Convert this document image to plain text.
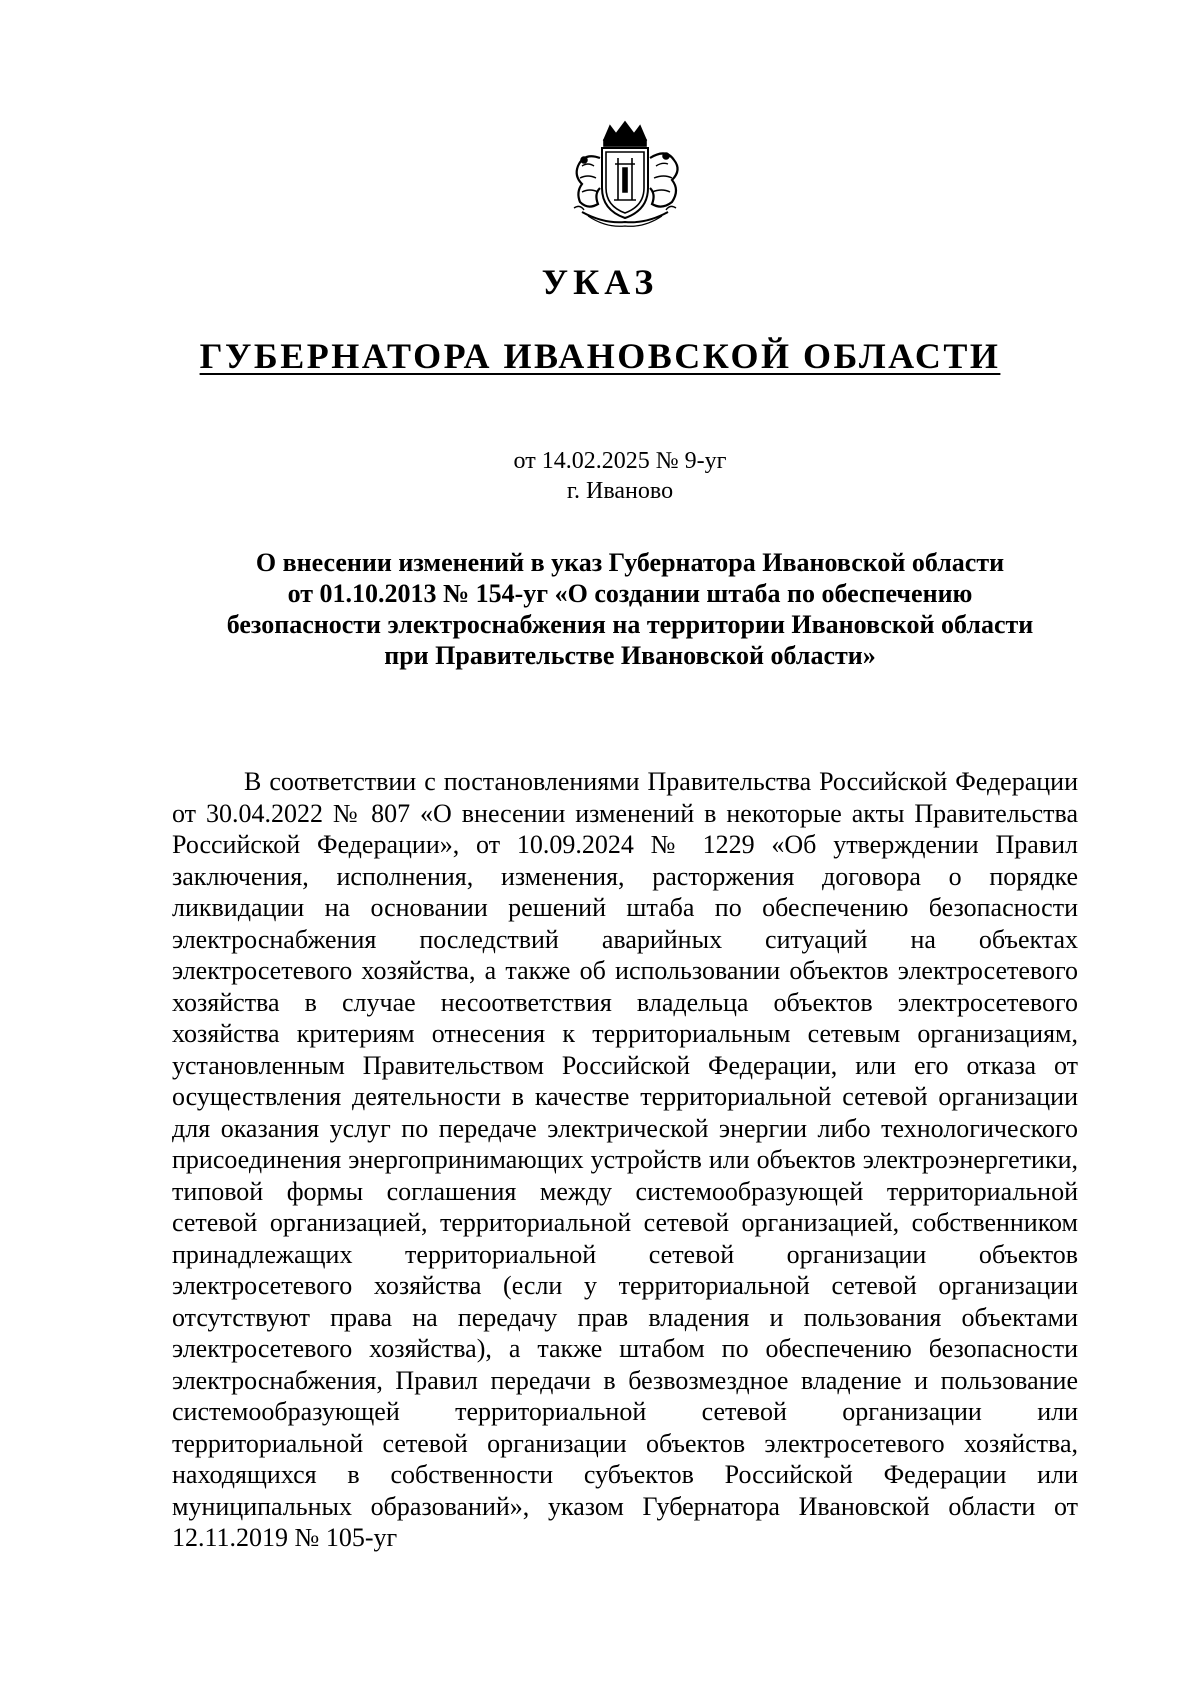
УКАЗ
ГУБЕРНАТОРА ИВАНОВСКОЙ ОБЛАСТИ
от 14.02.2025 № 9-уг
г. Иваново
О внесении изменений в указ Губернатора Ивановской области
от 01.10.2013 № 154-уг «О создании штаба по обеспечению
безопасности электроснабжения на территории Ивановской области
при Правительстве Ивановской области»

В соответствии с постановлениями Правительства Российской Федерации от 30.04.2022 № 807 «О внесении изменений в некоторые акты Правительства Российской Федерации», от 10.09.2024 № 1229 «Об утверждении Правил заключения, исполнения, изменения, расторжения договора о порядке ликвидации на основании решений штаба по обеспечению безопасности электроснабжения последствий аварийных ситуаций на объектах электросетевого хозяйства, а также об использовании объектов электросетевого хозяйства в случае несоответствия владельца объектов электросетевого хозяйства критериям отнесения к территориальным сетевым организациям, установленным Правительством Российской Федерации, или его отказа от осуществления деятельности в качестве территориальной сетевой организации для оказания услуг по передаче электрической энергии либо технологического присоединения энергопринимающих устройств или объектов электроэнергетики, типовой формы соглашения между системообразующей территориальной сетевой организацией, территориальной сетевой организацией, собственником принадлежащих территориальной сетевой организации объектов электросетевого хозяйства (если у территориальной сетевой организации отсутствуют права на передачу прав владения и пользования объектами электросетевого хозяйства), а также штабом по обеспечению безопасности электроснабжения, Правил передачи в безвозмездное владение и пользование системообразующей территориальной сетевой организации или территориальной сетевой организации объектов электросетевого хозяйства, находящихся в собственности субъектов Российской Федерации или муниципальных образований», указом Губернатора Ивановской области от 12.11.2019 № 105-уг
